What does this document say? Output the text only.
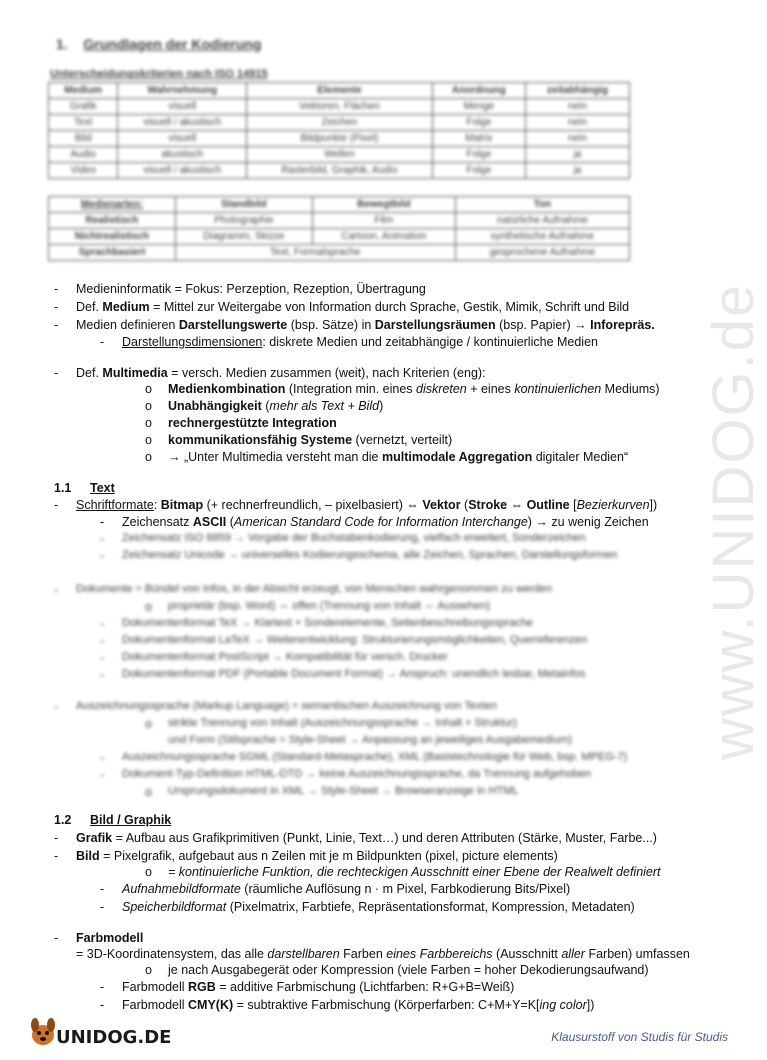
www.UNIDOG.de
1. Grundlagen der Kodierung
Unterscheidungskriterien nach ISO 14915
Medium	Wahrnehmung	Elemente	Anordnung	zeitabhängig
Grafik	visuell	Vektoren, Flächen	Menge	nein
Text	visuell / akustisch	Zeichen	Folge	nein
Bild	visuell	Bildpunkte (Pixel)	Matrix	nein
Audio	akustisch	Wellen	Folge	ja
Video	visuell / akustisch	Rasterbild, Graphik, Audio	Folge	ja
Medienarten:	Standbild	Bewegtbild	Ton
Realistisch	Photographie	Film	natürliche Aufnahme
Nichtrealistisch	Diagramm, Skizze	Cartoon, Animation	synthetische Aufnahme
Sprachbasiert	Text, Formalsprache		gesprochene Aufnahme
- Medieninformatik = Fokus: Perzeption, Rezeption, Übertragung
- Def. Medium = Mittel zur Weitergabe von Information durch Sprache, Gestik, Mimik, Schrift und Bild
- Medien definieren Darstellungswerte (bsp. Sätze) in Darstellungsräumen (bsp. Papier) → Inforepräs.
- Darstellungsdimensionen: diskrete Medien und zeitabhängige / kontinuierliche Medien
- Def. Multimedia = versch. Medien zusammen (weit), nach Kriterien (eng):
o Medienkombination (Integration min. eines diskreten + eines kontinuierlichen Mediums)
o Unabhängigkeit (mehr als Text + Bild)
o rechnergestützte Integration
o kommunikationsfähig Systeme (vernetzt, verteilt)
o → „Unter Multimedia versteht man die multimodale Aggregation digitaler Medien“
1.1 Text
- Schriftformate: Bitmap (+ rechnerfreundlich, – pixelbasiert) ⇔ Vektor (Stroke ⇔ Outline [Bezierkurven])
- Zeichensatz ASCII (American Standard Code for Information Interchange) → zu wenig Zeichen
- Zeichensatz ISO 8859 → Vorgabe der Buchstabenkodierung, vielfach erweitert, Sonderzeichen
- Zeichensatz Unicode → universelles Kodierungsschema, alle Zeichen, Sprachen, Darstellungsformen
- Dokumente = Bündel von Infos, in der Absicht erzeugt, von Menschen wahrgenommen zu werden
o proprietär (bsp. Word) ⇔ offen (Trennung von Inhalt ⇔ Aussehen)
- Dokumentenformat TeX → Klartext + Sonderelemente, Seitenbeschreibungssprache
- Dokumentenformat LaTeX → Weiterentwicklung: Strukturierungsmöglichkeiten, Querreferenzen
- Dokumentenformat PostScript → Kompatibilität für versch. Drucker
- Dokumentenformat PDF (Portable Document Format) → Anspruch: unendlich lesbar, Metainfos
- Auszeichnungssprache (Markup Language) = semantischen Auszeichnung von Texten
o strikte Trennung von Inhalt (Auszeichnungssprache → Inhalt + Struktur)
und Form (Stilsprache = Style-Sheet → Anpassung an jeweiliges Ausgabemedium)
- Auszeichnungssprache SGML (Standard-Metasprache), XML (Basistechnologie für Web, bsp. MPEG-7)
- Dokument-Typ-Definition HTML-DTD → keine Auszeichnungssprache, da Trennung aufgehoben
o Ursprungsdokument in XML → Style-Sheet → Browseranzeige in HTML
1.2 Bild / Graphik
- Grafik = Aufbau aus Grafikprimitiven (Punkt, Linie, Text…) und deren Attributen (Stärke, Muster, Farbe...)
- Bild = Pixelgrafik, aufgebaut aus n Zeilen mit je m Bildpunkten (pixel, picture elements)
o = kontinuierliche Funktion, die rechteckigen Ausschnitt einer Ebene der Realwelt definiert
- Aufnahmebildformate (räumliche Auflösung n · m Pixel, Farbkodierung Bits/Pixel)
- Speicherbildformat (Pixelmatrix, Farbtiefe, Repräsentationsformat, Kompression, Metadaten)
- Farbmodell
= 3D-Koordinatensystem, das alle darstellbaren Farben eines Farbbereichs (Ausschnitt aller Farben) umfassen
o je nach Ausgabegerät oder Kompression (viele Farben = hoher Dekodierungsaufwand)
- Farbmodell RGB = additive Farbmischung (Lichtfarben: R+G+B=Weiß)
- Farbmodell CMY(K) = subtraktive Farbmischung (Körperfarben: C+M+Y=K[ing color])
UNIDOG.DE	Klausurstoff von Studis für Studis
